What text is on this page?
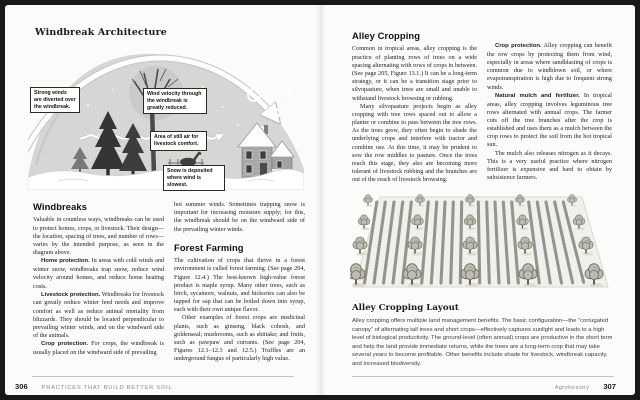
Windbreak Architecture
Strong winds are diverted over the windbreak.
Wind velocity through the windbreak is greatly reduced.
Area of still air for livestock comfort.
Snow is deposited where wind is slowest.
Windbreaks

Valuable in countless ways, windbreaks can be used to protect homes, crops, or livestock. Their design—the location, spacing of trees, and number of rows—varies by the intended purpose, as seen in the diagram above.

Home protection. In areas with cold winds and winter snow, windbreaks trap snow, reduce wind velocity around homes, and reduce home heating costs.

Livestock protection. Windbreaks for livestock can greatly reduce winter feed needs and improve comfort as well as reduce animal mortality from blizzards. They should be located perpendicular to prevailing winter winds, and on the windward side of the animals.

Crop protection. For crops, the windbreak is usually placed on the windward side of prevailing

hot summer winds. Sometimes trapping snow is important for increasing moisture supply; for this, the windbreak should be on the windward side of the prevailing winter winds.

Forest Farming

The cultivation of crops that thrive in a forest environment is called forest farming. (See page 204, Figure 12.4.) The best-known high-value forest product is maple syrup. Many other trees, such as birch, sycamore, walnuts, and hickories can also be tapped for sap that can be boiled down into syrup, each with their own unique flavor.

Other examples of forest crops are medicinal plants, such as ginseng, black cohosh, and goldenseal; mushrooms, such as shiitake; and fruits, such as pawpaw and currants. (See page 204, Figures 12.1–12.3 and 12.5.) Truffles are an underground fungus of particularly high value.

306 PRACTICES THAT BUILD BETTER SOIL
Alley Cropping

Common in tropical areas, alley cropping is the practice of planting rows of trees on a wide spacing alternating with rows of crops in between. (See page 205, Figure 13.1.) It can be a long-term strategy, or it can be a transition stage prior to silvopasture, when trees are small and unable to withstand livestock browsing or rubbing.

Many silvopasture projects begin as alley cropping with tree rows spaced out to allow a planter or combine to pass between the tree rows. As the trees grow, they often begin to shade the underlying crops and interfere with tractor and combine use. At this time, it may be prudent to sow the row middles to pasture. Once the trees reach this stage, they also are becoming more tolerant of livestock rubbing and the branches are out of the reach of livestock browsing.

Crop protection. Alley cropping can benefit the row crops by protecting them from wind, especially in areas where sandblasting of crops is common due to windblown soil, or where evapotranspiration is high due to frequent strong winds.

Natural mulch and fertilizer. In tropical areas, alley cropping involves leguminous tree rows alternated with annual crops. The farmer cuts off the tree branches after the crop is established and uses them as a mulch between the crop rows to protect the soil from the hot tropical sun.

The mulch also releases nitrogen as it decays. This is a very useful practice where nitrogen fertilizer is expensive and hard to obtain by subsistence farmers.

Alley Cropping Layout
Alley cropping offers multiple land management benefits. The basic configuration—the “corrugated canopy” of alternating tall trees and short crops—effectively captures sunlight and leads to a high level of biological productivity. The ground-level (often annual) crops are productive in the short term and help the land provide immediate returns, while the trees are a long-term crop that may take several years to become profitable. Other benefits include shade for livestock, windbreak capacity, and increased biodiversity.
Agroforestry 307
